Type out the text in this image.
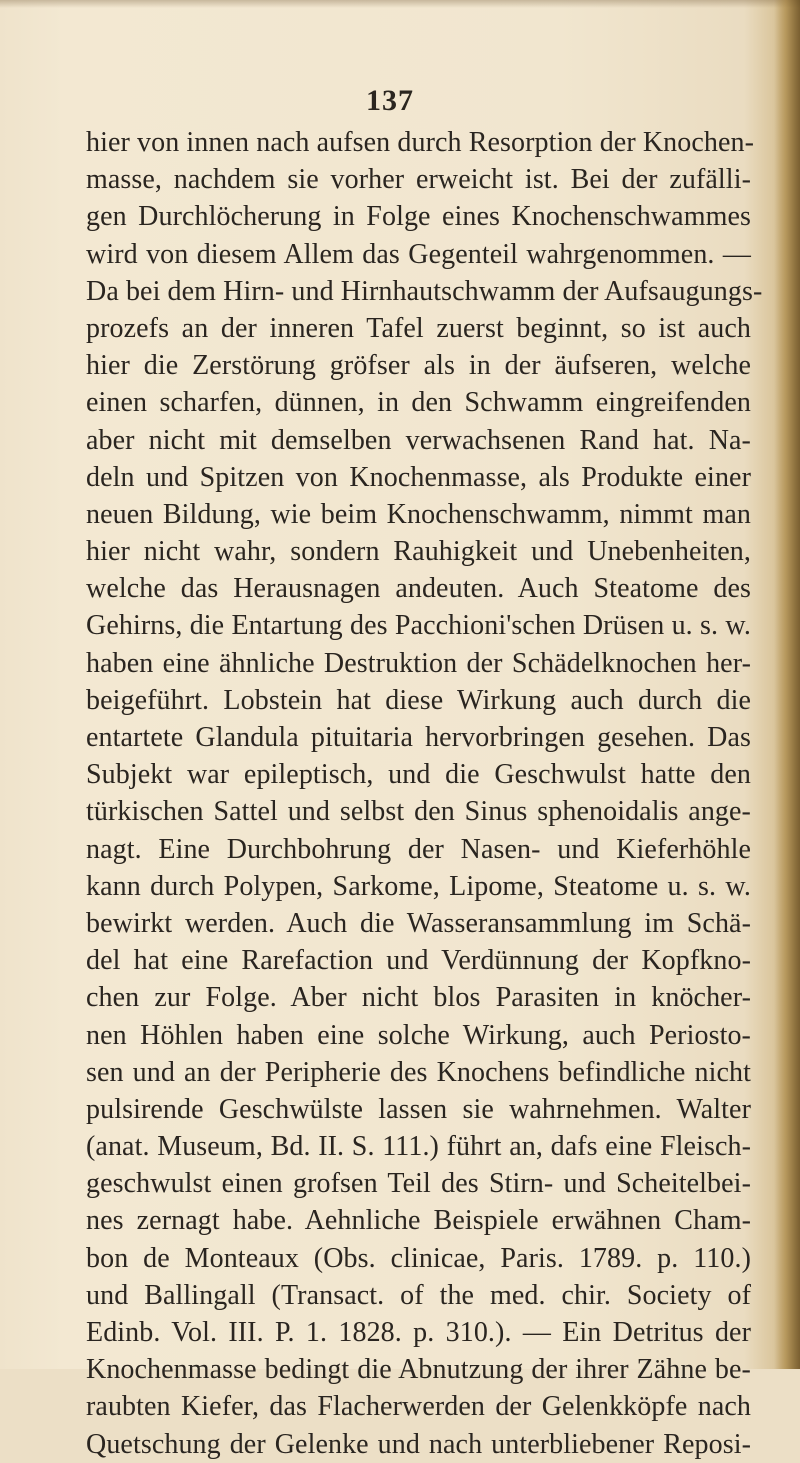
137
hier von innen nach aufsen durch Resorption der Knochen-
masse, nachdem sie vorher erweicht ist. Bei der zufälli-
gen Durchlöcherung in Folge eines Knochenschwammes
wird von diesem Allem das Gegenteil wahrgenommen. —
Da bei dem Hirn- und Hirnhautschwamm der Aufsaugungs-
prozefs an der inneren Tafel zuerst beginnt, so ist auch
hier die Zerstörung gröfser als in der äufseren, welche
einen scharfen, dünnen, in den Schwamm eingreifenden
aber nicht mit demselben verwachsenen Rand hat. Na-
deln und Spitzen von Knochenmasse, als Produkte einer
neuen Bildung, wie beim Knochenschwamm, nimmt man
hier nicht wahr, sondern Rauhigkeit und Unebenheiten,
welche das Herausnagen andeuten. Auch Steatome des
Gehirns, die Entartung des Pacchioni'schen Drüsen u. s. w.
haben eine ähnliche Destruktion der Schädelknochen her-
beigeführt. Lobstein hat diese Wirkung auch durch die
entartete Glandula pituitaria hervorbringen gesehen. Das
Subjekt war epileptisch, und die Geschwulst hatte den
türkischen Sattel und selbst den Sinus sphenoidalis ange-
nagt. Eine Durchbohrung der Nasen- und Kieferhöhle
kann durch Polypen, Sarkome, Lipome, Steatome u. s. w.
bewirkt werden. Auch die Wasseransammlung im Schä-
del hat eine Rarefaction und Verdünnung der Kopfkno-
chen zur Folge. Aber nicht blos Parasiten in knöcher-
nen Höhlen haben eine solche Wirkung, auch Periosto-
sen und an der Peripherie des Knochens befindliche nicht
pulsirende Geschwülste lassen sie wahrnehmen. Walter
(anat. Museum, Bd. II. S. 111.) führt an, dafs eine Fleisch-
geschwulst einen grofsen Teil des Stirn- und Scheitelbei-
nes zernagt habe. Aehnliche Beispiele erwähnen Cham-
bon de Monteaux (Obs. clinicae, Paris. 1789. p. 110.)
und Ballingall (Transact. of the med. chir. Society of
Edinb. Vol. III. P. 1. 1828. p. 310.). — Ein Detritus der
Knochenmasse bedingt die Abnutzung der ihrer Zähne be-
raubten Kiefer, das Flacherwerden der Gelenkköpfe nach
Quetschung der Gelenke und nach unterbliebener Reposi-
